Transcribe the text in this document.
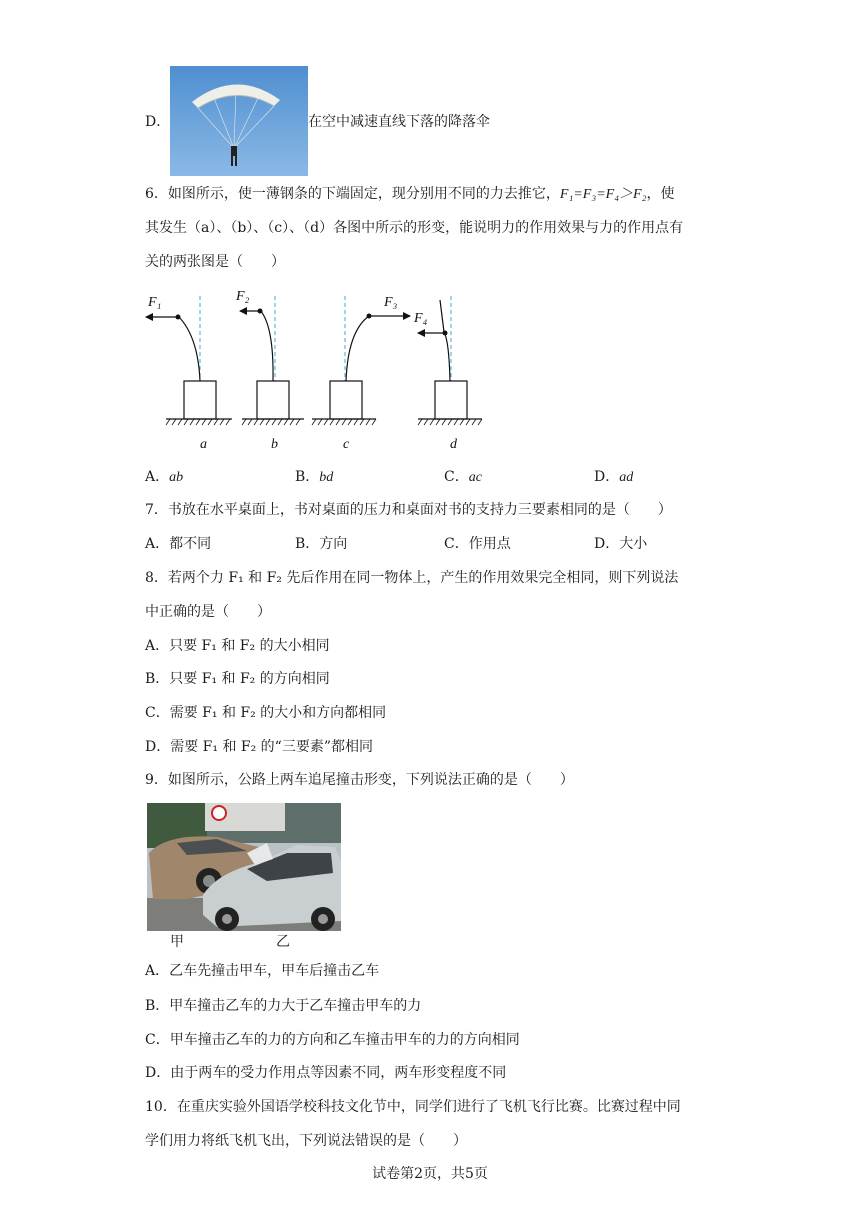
D．	在空中减速直线下落的降落伞
6．如图所示，使一薄钢条的下端固定，现分别用不同的力去推它，F₁=F₃=F₄＞F₂，使
其发生（a）、（b）、（c）、（d）各图中所示的形变，能说明力的作用效果与力的作用点有
关的两张图是（　　）
F₁	F₂	F₃
F₄
a	b	c	d
A．ab	B．bd	C．ac	D．ad
7．书放在水平桌面上，书对桌面的压力和桌面对书的支持力三要素相同的是（　　）
A．都不同	B．方向	C．作用点	D．大小
8．若两个力 F₁ 和 F₂ 先后作用在同一物体上，产生的作用效果完全相同，则下列说法
中正确的是（　　）
A．只要 F₁ 和 F₂ 的大小相同
B．只要 F₁ 和 F₂ 的方向相同
C．需要 F₁ 和 F₂ 的大小和方向都相同
D．需要 F₁ 和 F₂ 的“三要素”都相同
9．如图所示，公路上两车追尾撞击形变，下列说法正确的是（　　）
甲	乙
A．乙车先撞击甲车，甲车后撞击乙车
B．甲车撞击乙车的力大于乙车撞击甲车的力
C．甲车撞击乙车的力的方向和乙车撞击甲车的力的方向相同
D．由于两车的受力作用点等因素不同，两车形变程度不同
10．在重庆实验外国语学校科技文化节中，同学们进行了飞机飞行比赛。比赛过程中同
学们用力将纸飞机飞出，下列说法错误的是（　　）
试卷第2页，共5页
